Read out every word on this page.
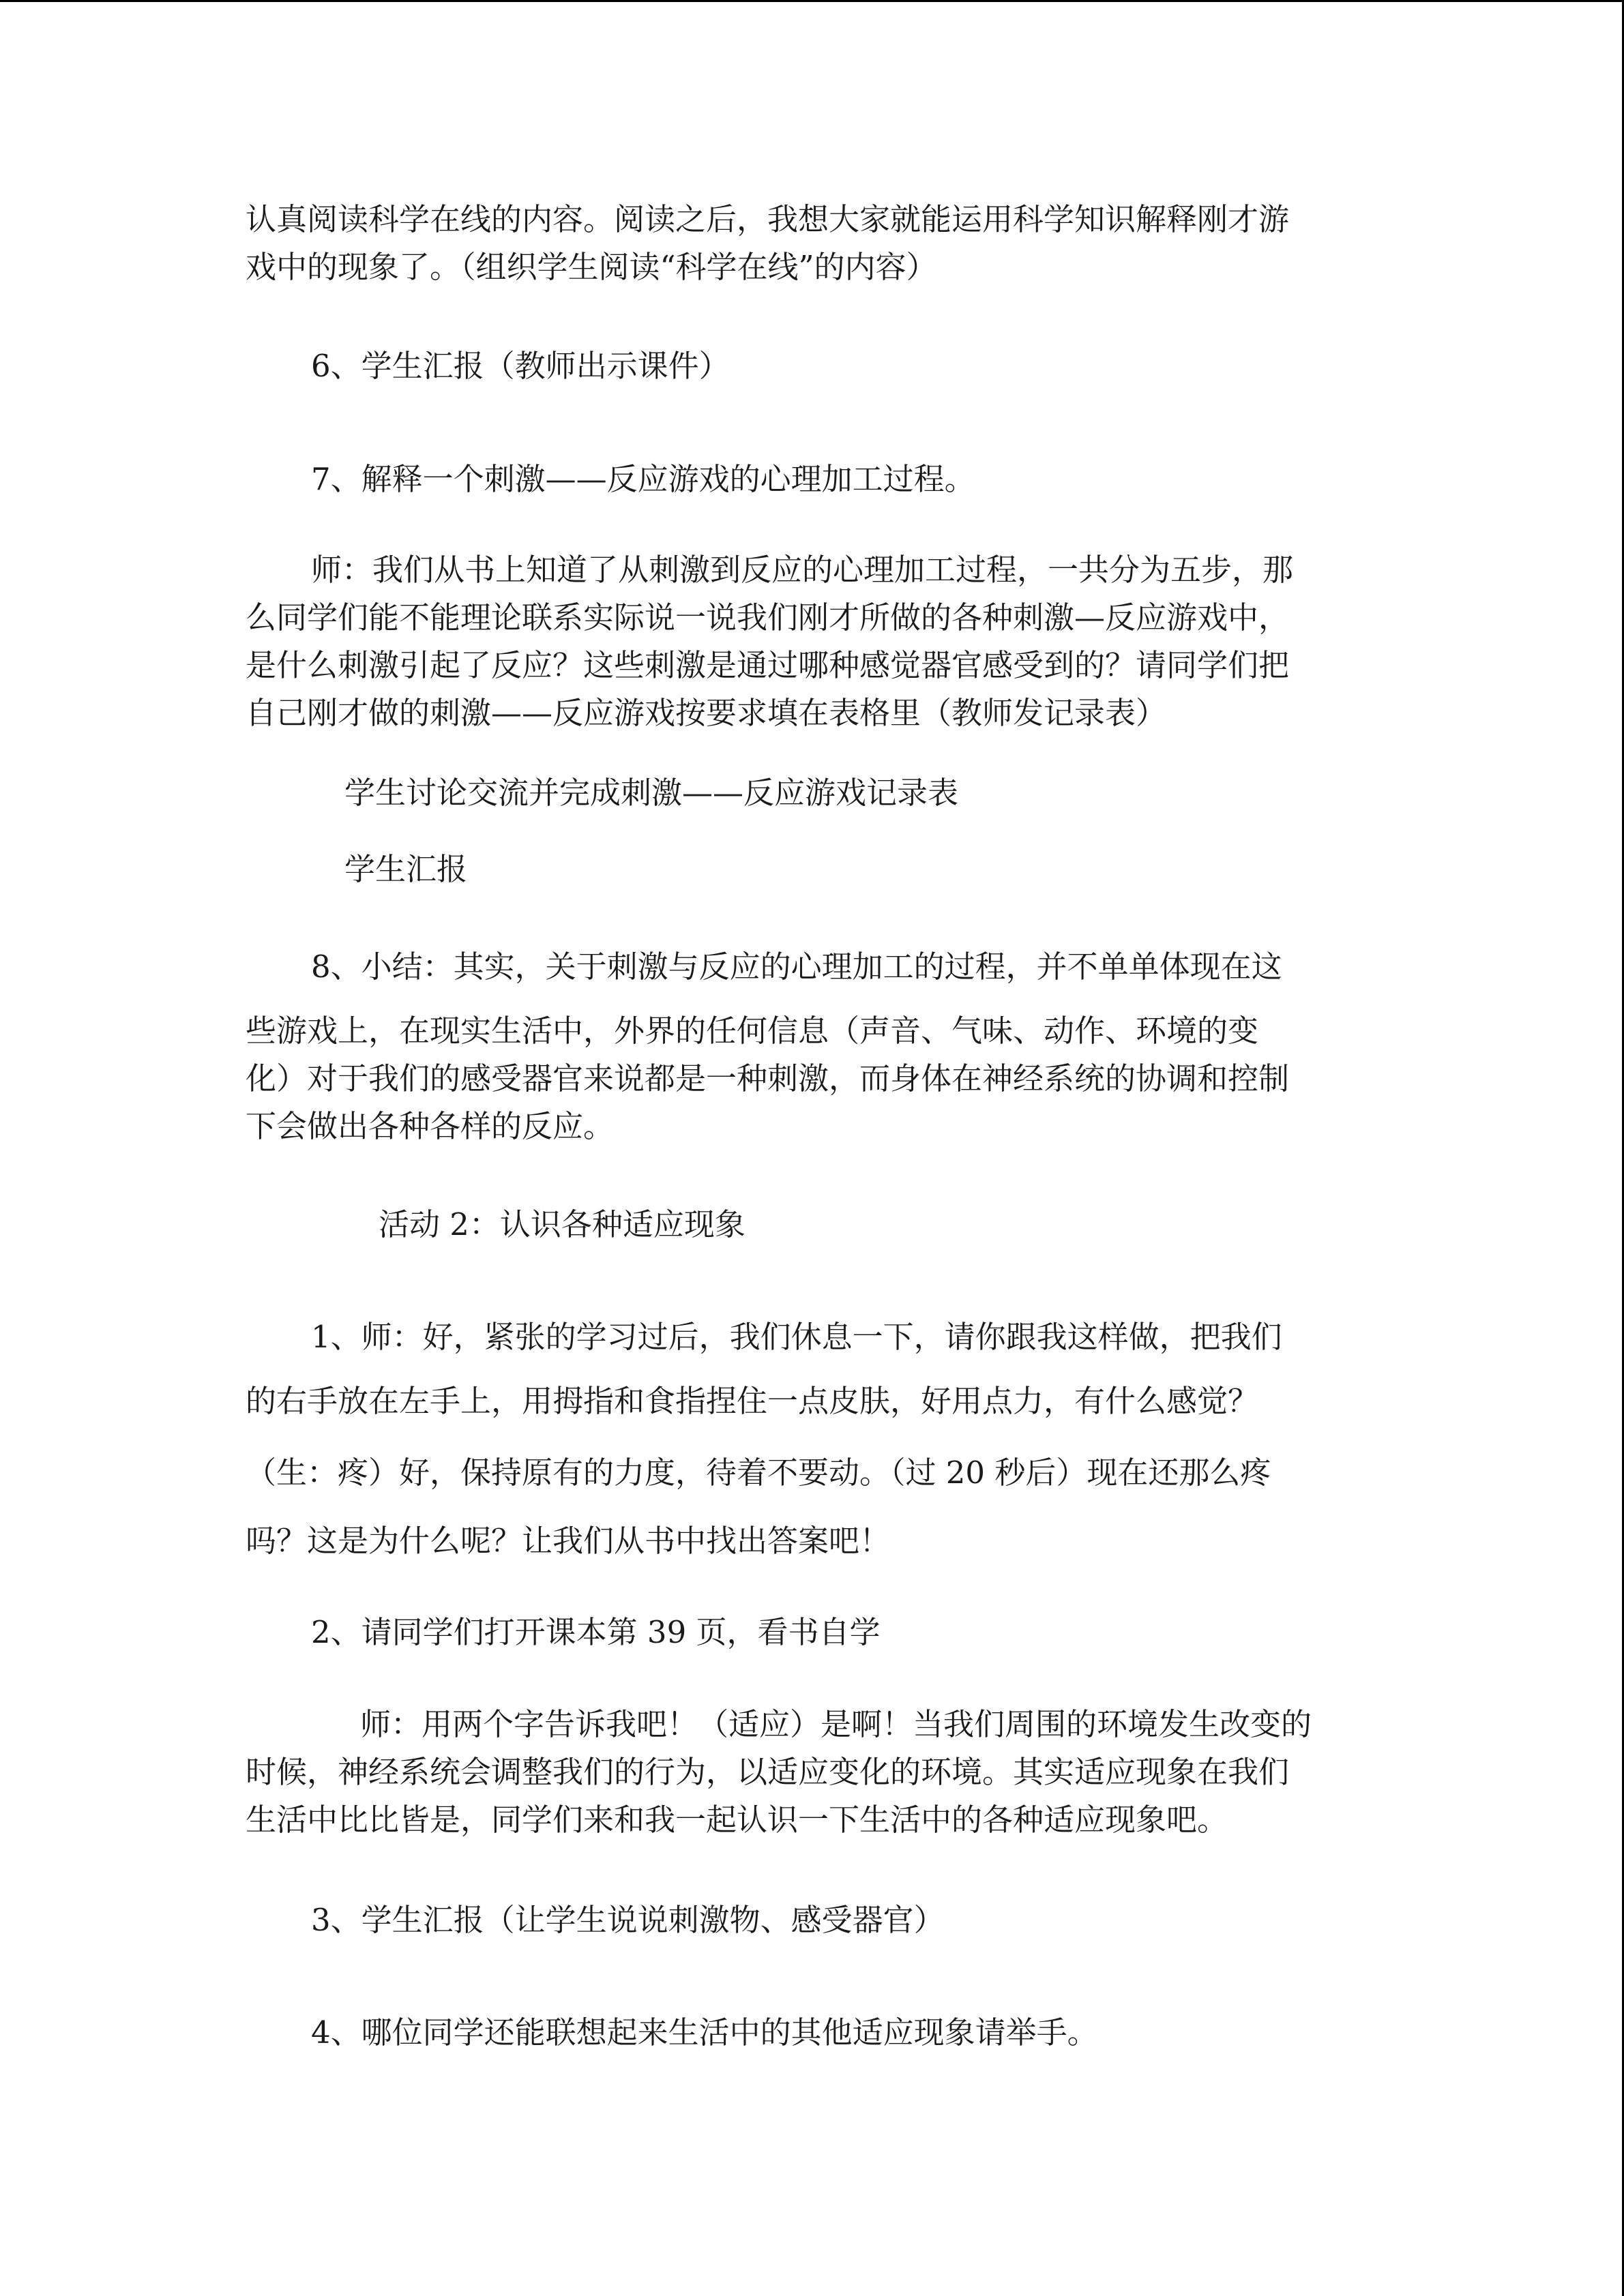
认真阅读科学在线的内容。阅读之后，我想大家就能运用科学知识解释刚才游
戏中的现象了。（组织学生阅读“科学在线”的内容）
6、学生汇报（教师出示课件）
7、解释一个刺激——反应游戏的心理加工过程。
师：我们从书上知道了从刺激到反应的心理加工过程，一共分为五步，那
么同学们能不能理论联系实际说一说我们刚才所做的各种刺激—反应游戏中，
是什么刺激引起了反应？这些刺激是通过哪种感觉器官感受到的？请同学们把
自己刚才做的刺激——反应游戏按要求填在表格里（教师发记录表）
学生讨论交流并完成刺激——反应游戏记录表
学生汇报
8、小结：其实，关于刺激与反应的心理加工的过程，并不单单体现在这
些游戏上，在现实生活中，外界的任何信息（声音、气味、动作、环境的变
化）对于我们的感受器官来说都是一种刺激，而身体在神经系统的协调和控制
下会做出各种各样的反应。
活动 2：认识各种适应现象
1、师：好，紧张的学习过后，我们休息一下，请你跟我这样做，把我们
的右手放在左手上，用拇指和食指捏住一点皮肤，好用点力，有什么感觉？
（生：疼）好，保持原有的力度，待着不要动。（过 20 秒后）现在还那么疼
吗？这是为什么呢？让我们从书中找出答案吧！
2、请同学们打开课本第 39 页，看书自学
师：用两个字告诉我吧！（适应）是啊！当我们周围的环境发生改变的
时候，神经系统会调整我们的行为，以适应变化的环境。其实适应现象在我们
生活中比比皆是，同学们来和我一起认识一下生活中的各种适应现象吧。
3、学生汇报（让学生说说刺激物、感受器官）
4、哪位同学还能联想起来生活中的其他适应现象请举手。
